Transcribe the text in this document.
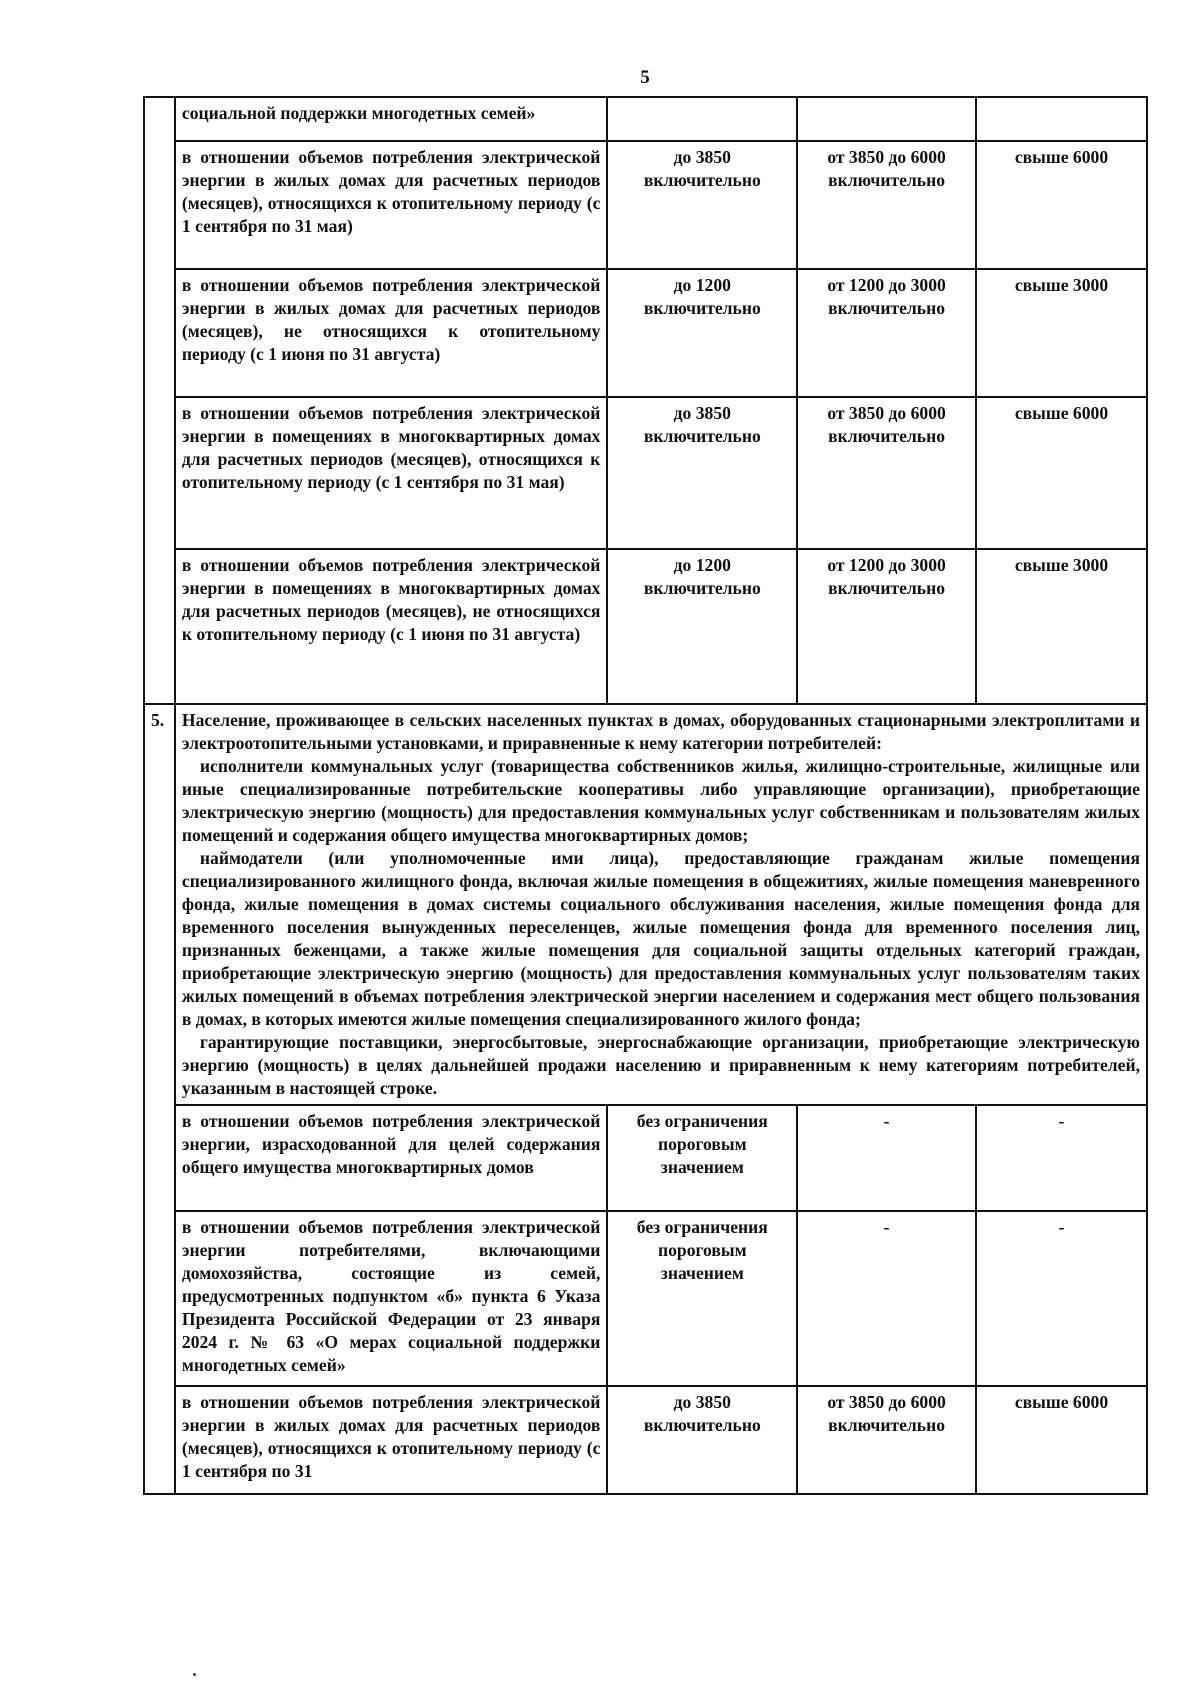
5
	социальной поддержки многодетных семей»			
	в отношении объемов потребления электрической энергии в жилых домах для расчетных периодов (месяцев), относящихся к отопительному периоду (с 1 сентября по 31 мая)	до 3850 включительно	от 3850 до 6000 включительно	свыше 6000
	в отношении объемов потребления электрической энергии в жилых домах для расчетных периодов (месяцев), не относящихся к отопительному периоду (с 1 июня по 31 августа)	до 1200 включительно	от 1200 до 3000 включительно	свыше 3000
	в отношении объемов потребления электрической энергии в помещениях в многоквартирных домах для расчетных периодов (месяцев), относящихся к отопительному периоду (с 1 сентября по 31 мая)	до 3850 включительно	от 3850 до 6000 включительно	свыше 6000
	в отношении объемов потребления электрической энергии в помещениях в многоквартирных домах для расчетных периодов (месяцев), не относящихся к отопительному периоду (с 1 июня по 31 августа)	до 1200 включительно	от 1200 до 3000 включительно	свыше 3000
5.	Население, проживающее в сельских населенных пунктах в домах, оборудованных стационарными электроплитами и электроотопительными установками, и приравненные к нему категории потребителей:

исполнители коммунальных услуг (товарищества собственников жилья, жилищно-строительные, жилищные или иные специализированные потребительские кооперативы либо управляющие организации), приобретающие электрическую энергию (мощность) для предоставления коммунальных услуг собственникам и пользователям жилых помещений и содержания общего имущества многоквартирных домов;

наймодатели (или уполномоченные ими лица), предоставляющие гражданам жилые помещения специализированного жилищного фонда, включая жилые помещения в общежитиях, жилые помещения маневренного фонда, жилые помещения в домах системы социального обслуживания населения, жилые помещения фонда для временного поселения вынужденных переселенцев, жилые помещения фонда для временного поселения лиц, признанных беженцами, а также жилые помещения для социальной защиты отдельных категорий граждан, приобретающие электрическую энергию (мощность) для предоставления коммунальных услуг пользователям таких жилых помещений в объемах потребления электрической энергии населением и содержания мест общего пользования в домах, в которых имеются жилые помещения специализированного жилого фонда;

гарантирующие поставщики, энергосбытовые, энергоснабжающие организации, приобретающие электрическую энергию (мощность) в целях дальнейшей продажи населению и приравненным к нему категориям потребителей, указанным в настоящей строке.			

	в отношении объемов потребления электрической энергии, израсходованной для целей содержания общего имущества многоквартирных домов	без ограничения пороговым значением	-	-
	в отношении объемов потребления электрической энергии потребителями, включающими домохозяйства, состоящие из семей, предусмотренных подпунктом «б» пункта 6 Указа Президента Российской Федерации от 23 января 2024 г. № 63 «О мерах социальной поддержки многодетных семей»	без ограничения пороговым значением	-	-
	в отношении объемов потребления электрической энергии в жилых домах для расчетных периодов (месяцев), относящихся к отопительному периоду (с 1 сентября по 31	до 3850 включительно	от 3850 до 6000 включительно	свыше 6000
